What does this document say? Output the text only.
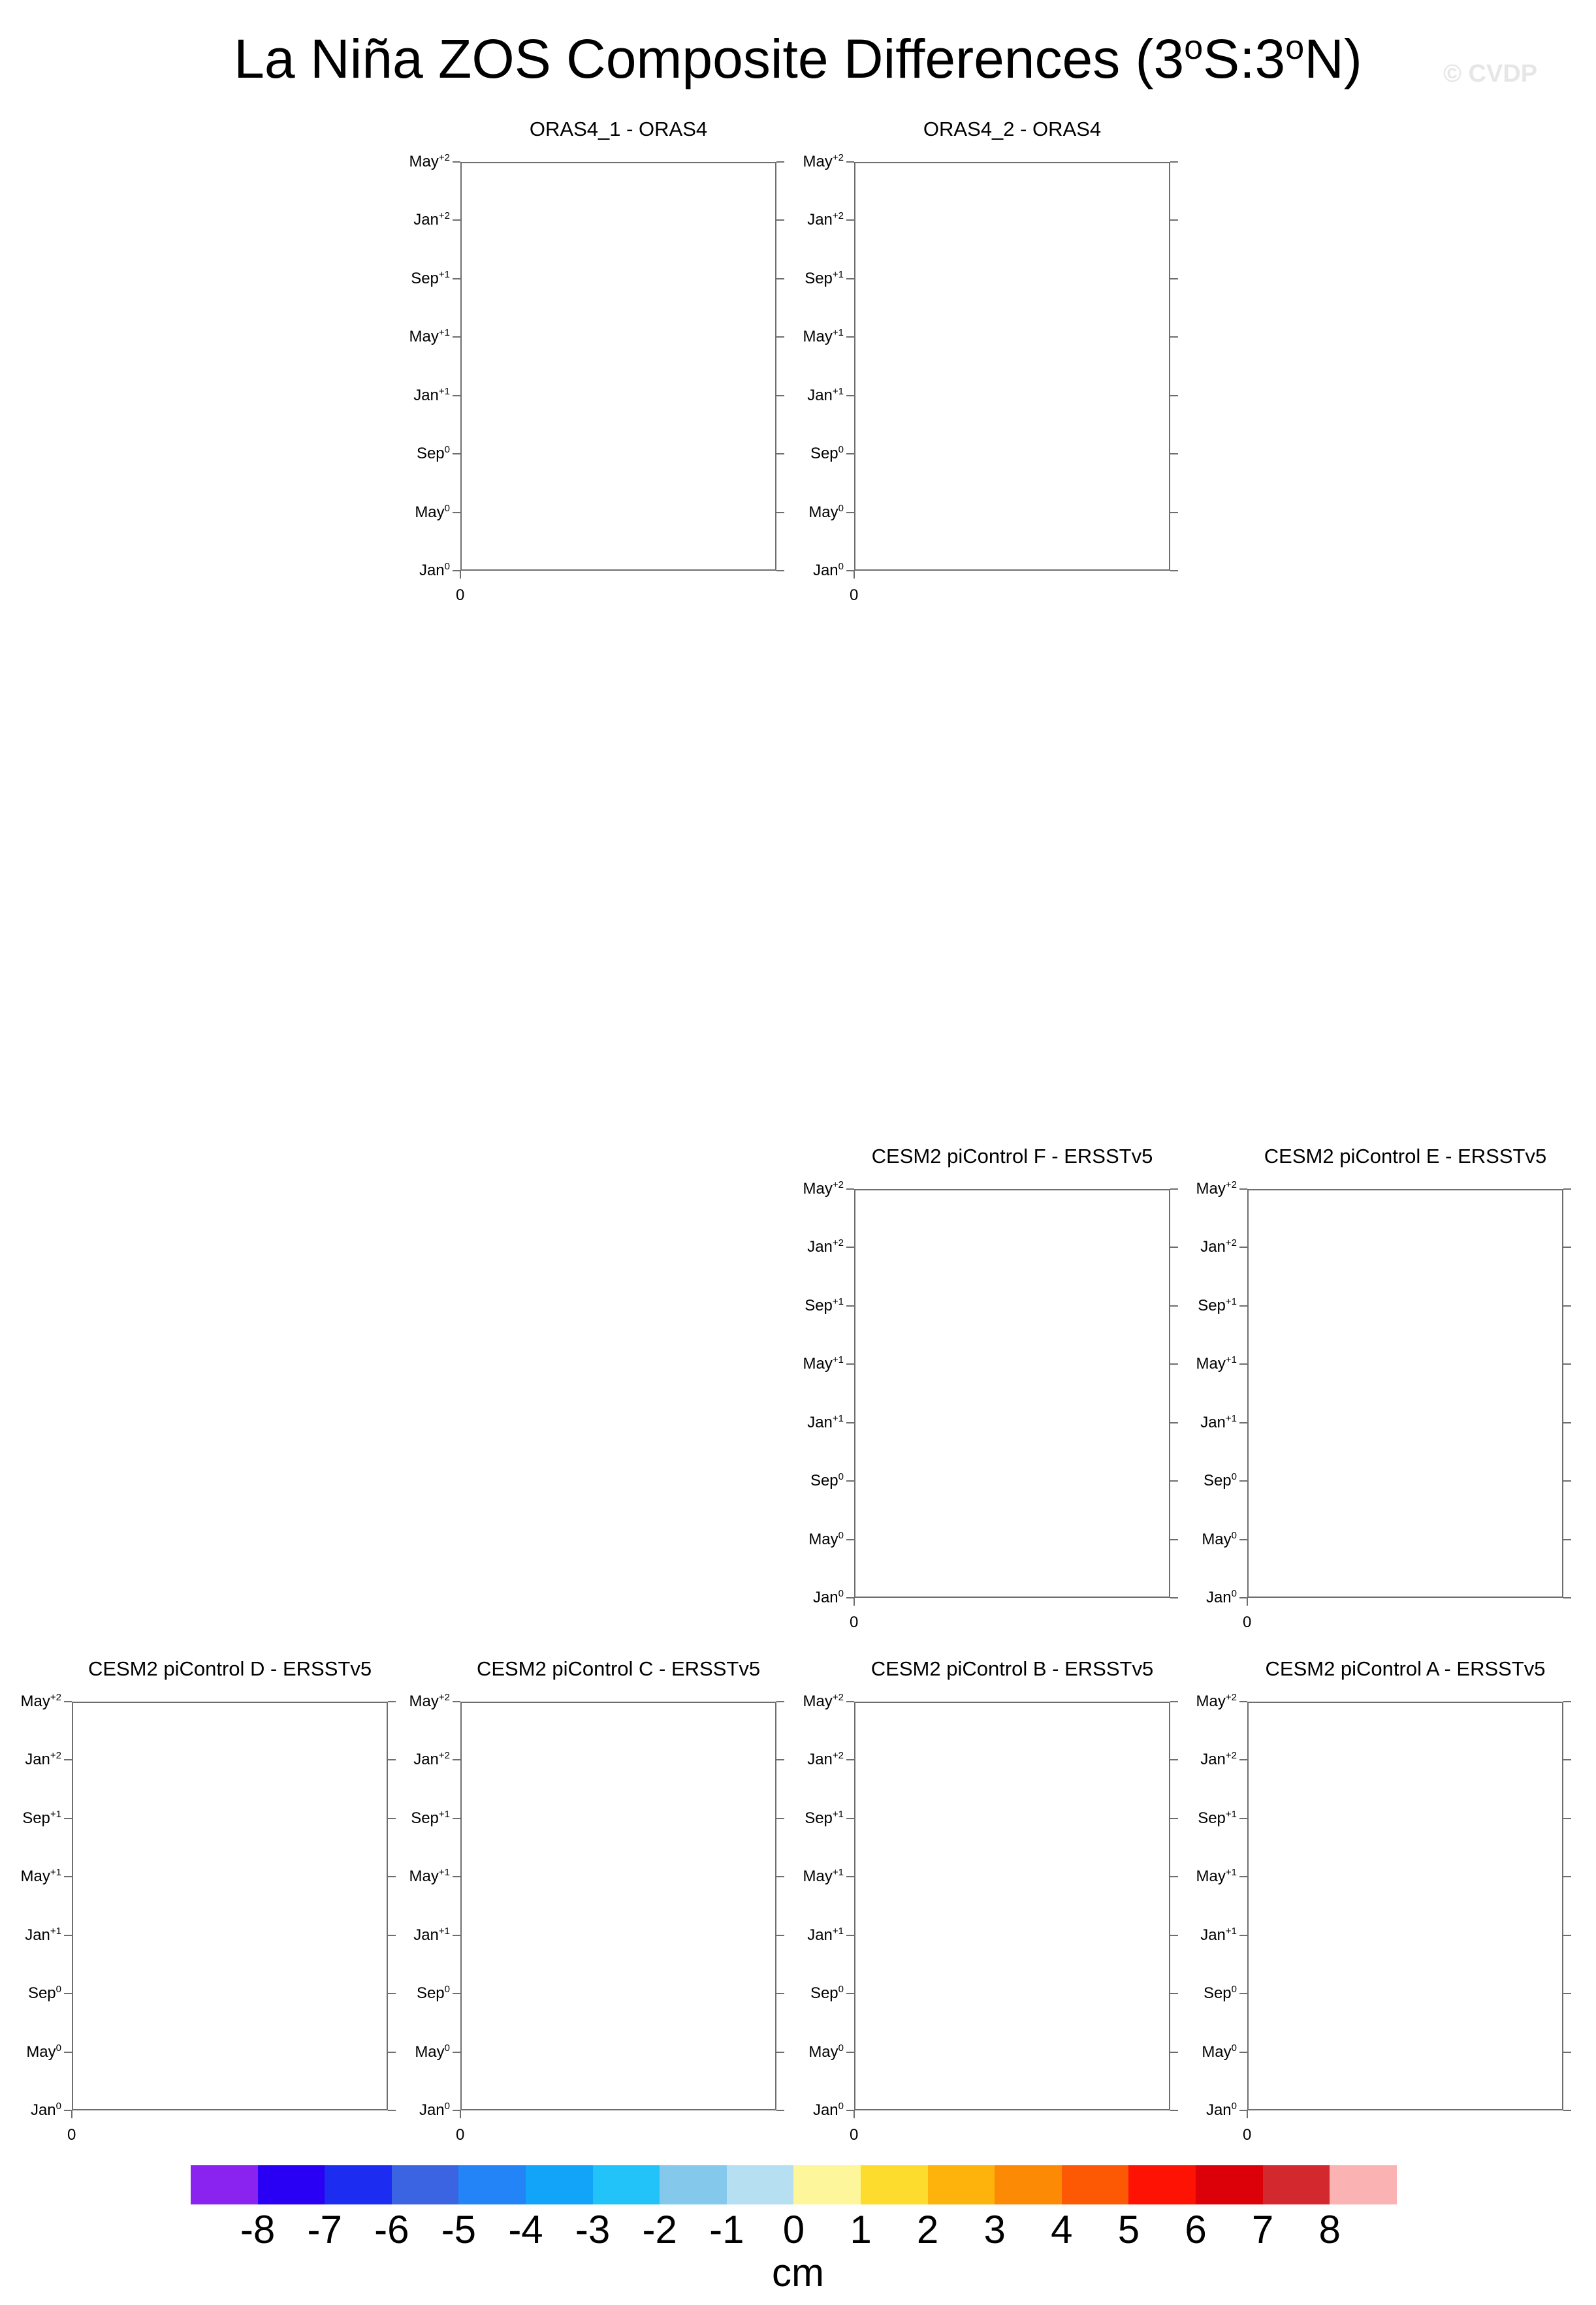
La Niña ZOS Composite Differences (3$^o$S:3$^o$N)	© CVDP
ORAS4_1 - ORAS4
Jan$^0$
May$^0$
Sep$^0$
Jan$^{+1}$
May$^{+1}$
Sep$^{+1}$
Jan$^{+2}$
May$^{+2}$
0
ORAS4_2 - ORAS4
Jan$^0$
May$^0$
Sep$^0$
Jan$^{+1}$
May$^{+1}$
Sep$^{+1}$
Jan$^{+2}$
May$^{+2}$
0
CESM2 piControl F - ERSSTv5
Jan$^0$
May$^0$
Sep$^0$
Jan$^{+1}$
May$^{+1}$
Sep$^{+1}$
Jan$^{+2}$
May$^{+2}$
0
CESM2 piControl E - ERSSTv5
Jan$^0$
May$^0$
Sep$^0$
Jan$^{+1}$
May$^{+1}$
Sep$^{+1}$
Jan$^{+2}$
May$^{+2}$
0
CESM2 piControl D - ERSSTv5
Jan$^0$
May$^0$
Sep$^0$
Jan$^{+1}$
May$^{+1}$
Sep$^{+1}$
Jan$^{+2}$
May$^{+2}$
0
CESM2 piControl C - ERSSTv5
Jan$^0$
May$^0$
Sep$^0$
Jan$^{+1}$
May$^{+1}$
Sep$^{+1}$
Jan$^{+2}$
May$^{+2}$
0
CESM2 piControl B - ERSSTv5
Jan$^0$
May$^0$
Sep$^0$
Jan$^{+1}$
May$^{+1}$
Sep$^{+1}$
Jan$^{+2}$
May$^{+2}$
0
CESM2 piControl A - ERSSTv5
Jan$^0$
May$^0$
Sep$^0$
Jan$^{+1}$
May$^{+1}$
Sep$^{+1}$
Jan$^{+2}$
May$^{+2}$
0
-8 -7 -6 -5 -4 -3 -2 -1 0	1	2	3	4	5	6	7	8
cm
